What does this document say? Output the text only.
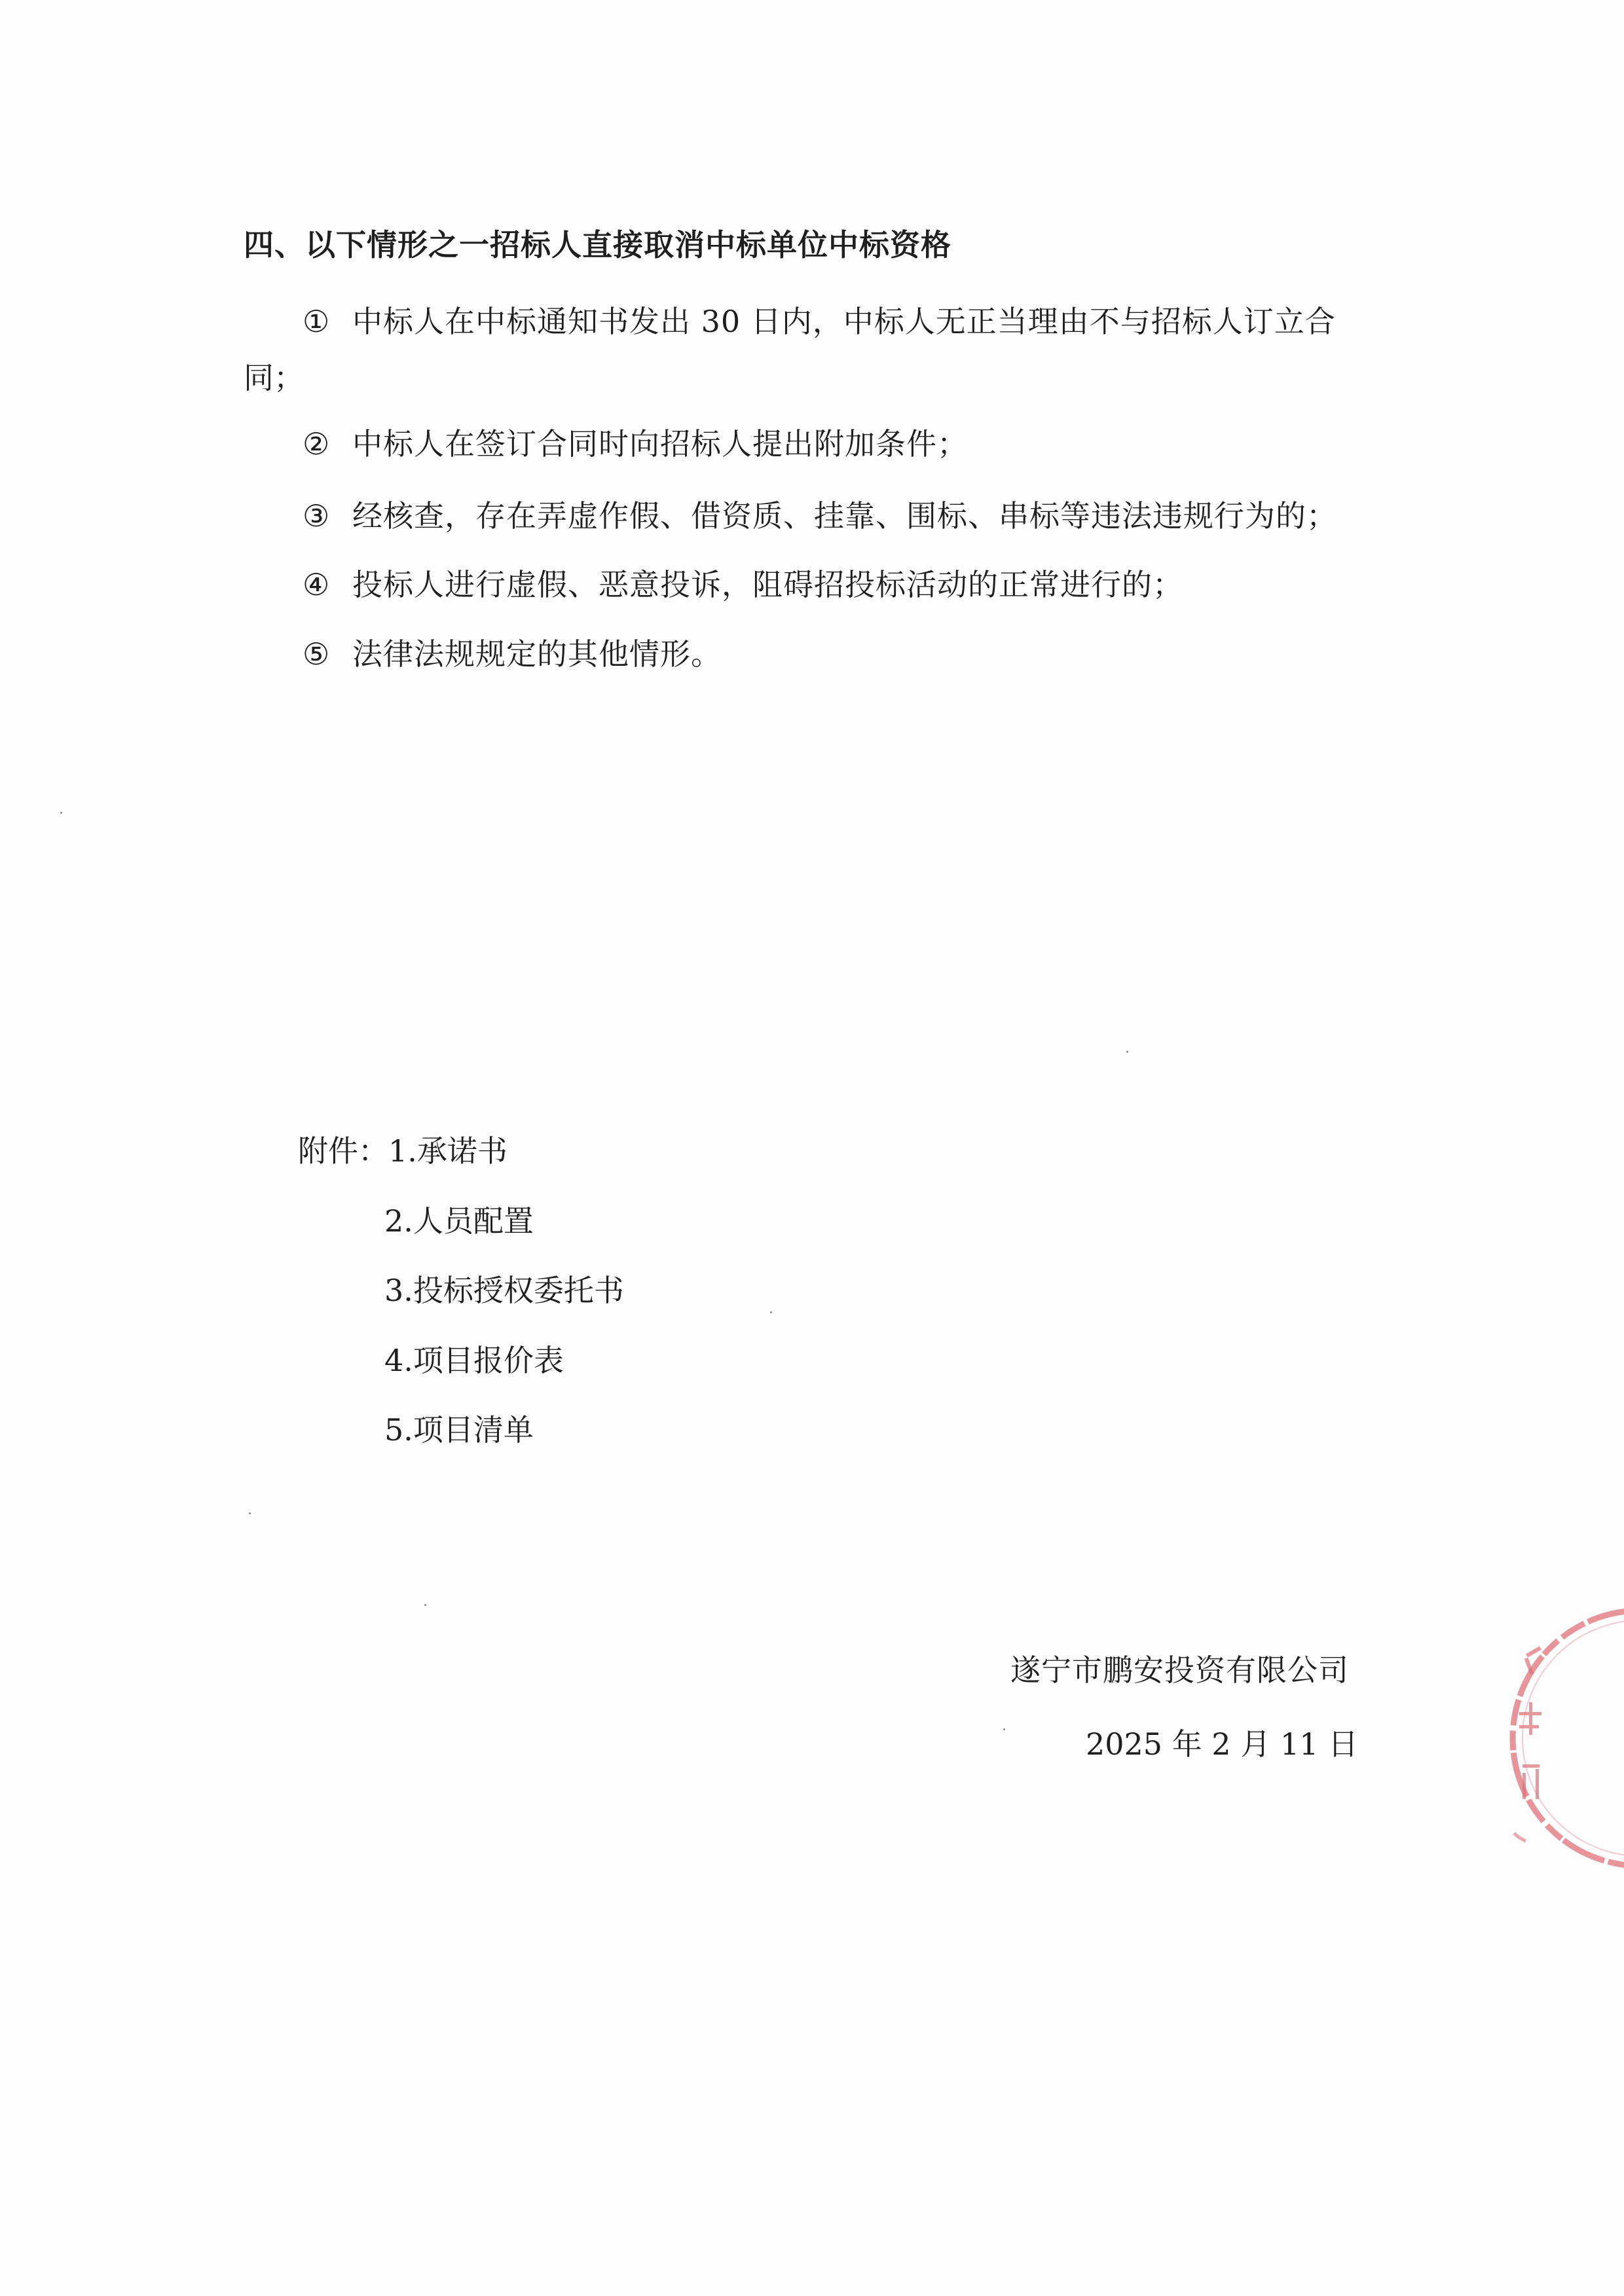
四、以下情形之一招标人直接取消中标单位中标资格
① 中标人在中标通知书发出 30 日内，中标人无正当理由不与招标人订立合
同；
② 中标人在签订合同时向招标人提出附加条件；
③ 经核查，存在弄虚作假、借资质、挂靠、围标、串标等违法违规行为的；
④ 投标人进行虚假、恶意投诉，阻碍招投标活动的正常进行的；
⑤ 法律法规规定的其他情形。
附件：1.承诺书
2.人员配置
3.投标授权委托书
4.项目报价表
5.项目清单
遂宁市鹏安投资有限公司
2025 年 2 月 11 日
